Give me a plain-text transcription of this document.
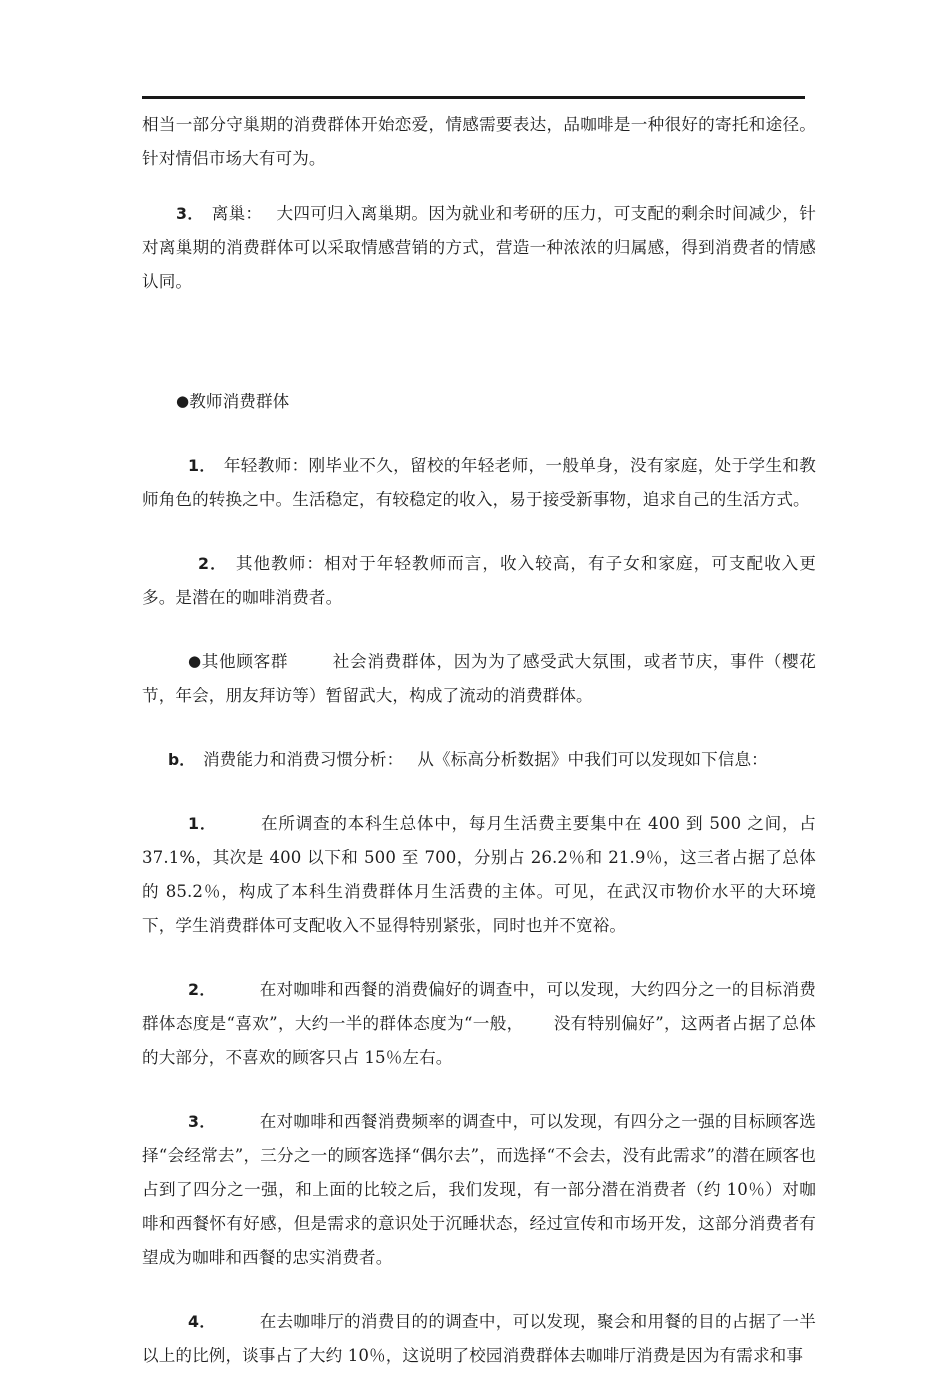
相当一部分守巢期的消费群体开始恋爱，情感需要表达，品咖啡是一种很好的寄托和途径。针对情侣市场大有可为。

3． 离巢： 大四可归入离巢期。因为就业和考研的压力，可支配的剩余时间减少，针对离巢期的消费群体可以采取情感营销的方式，营造一种浓浓的归属感，得到消费者的情感认同。

●教师消费群体

1． 年轻教师：刚毕业不久，留校的年轻老师，一般单身，没有家庭，处于学生和教师角色的转换之中。生活稳定，有较稳定的收入，易于接受新事物，追求自己的生活方式。

2． 其他教师：相对于年轻教师而言，收入较高，有子女和家庭，可支配收入更多。是潜在的咖啡消费者。

●其他顾客群	社会消费群体，因为为了感受武大氛围，或者节庆，事件（樱花节，年会，朋友拜访等）暂留武大，构成了流动的消费群体。

b． 消费能力和消费习惯分析： 从《标高分析数据》中我们可以发现如下信息：

1．	在所调查的本科生总体中，每月生活费主要集中在 400 到 500 之间，占 37.1%，其次是 400 以下和 500 至 700，分别占 26.2％和 21.9％，这三者占据了总体的 85.2％，构成了本科生消费群体月生活费的主体。可见，在武汉市物价水平的大环境下，学生消费群体可支配收入不显得特别紧张，同时也并不宽裕。

2．	在对咖啡和西餐的消费偏好的调查中，可以发现，大约四分之一的目标消费群体态度是“喜欢”，大约一半的群体态度为“一般， 没有特别偏好”，这两者占据了总体的大部分，不喜欢的顾客只占 15％左右。

3．	在对咖啡和西餐消费频率的调查中，可以发现，有四分之一强的目标顾客选择“会经常去”，三分之一的顾客选择“偶尔去”，而选择“不会去，没有此需求”的潜在顾客也占到了四分之一强，和上面的比较之后，我们发现，有一部分潜在消费者（约 10％）对咖啡和西餐怀有好感，但是需求的意识处于沉睡状态，经过宣传和市场开发，这部分消费者有望成为咖啡和西餐的忠实消费者。

4．	在去咖啡厅的消费目的的调查中，可以发现，聚会和用餐的目的占据了一半以上的比例，谈事占了大约 10％，这说明了校园消费群体去咖啡厅消费是因为有需求和事
